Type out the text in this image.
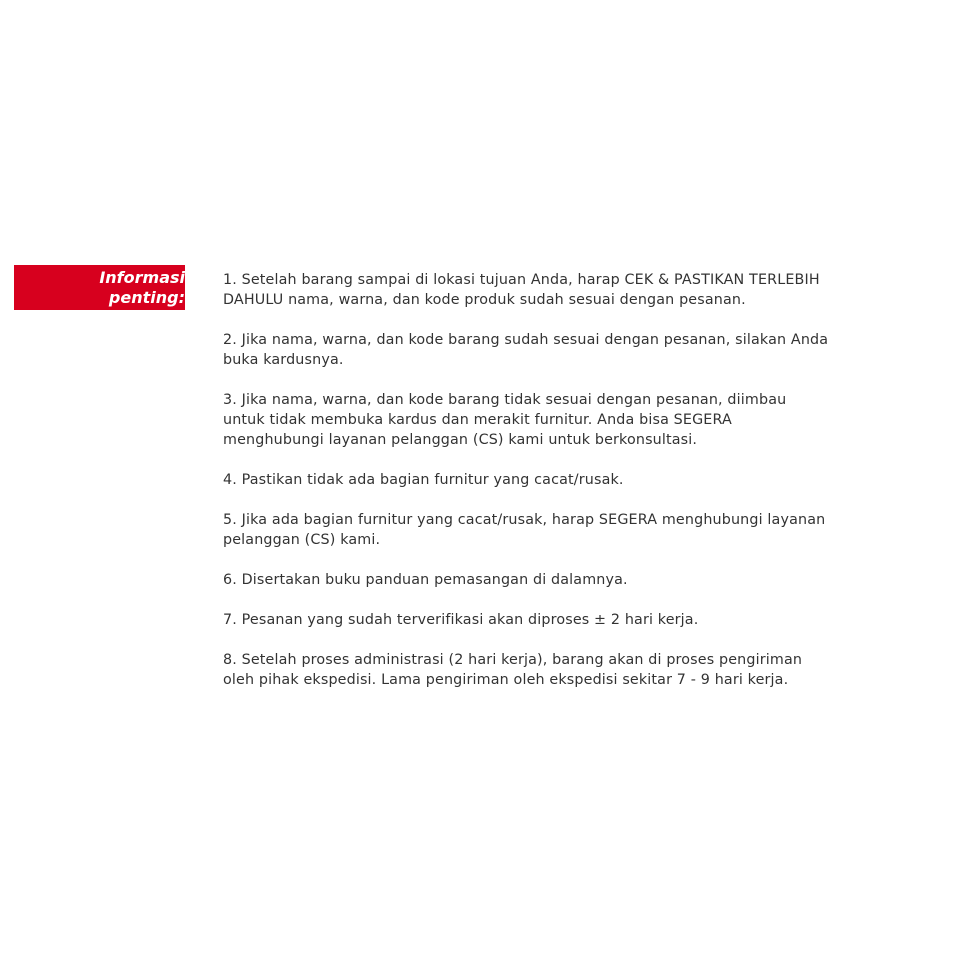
Informasi
penting:

1. Setelah barang sampai di lokasi tujuan Anda, harap CEK & PASTIKAN TERLEBIH
DAHULU nama, warna, dan kode produk sudah sesuai dengan pesanan.

2. Jika nama, warna, dan kode barang sudah sesuai dengan pesanan, silakan Anda
buka kardusnya.

3. Jika nama, warna, dan kode barang tidak sesuai dengan pesanan, diimbau
untuk tidak membuka kardus dan merakit furnitur. Anda bisa SEGERA
menghubungi layanan pelanggan (CS) kami untuk berkonsultasi.

4. Pastikan tidak ada bagian furnitur yang cacat/rusak.

5. Jika ada bagian furnitur yang cacat/rusak, harap SEGERA menghubungi layanan
pelanggan (CS) kami.

6. Disertakan buku panduan pemasangan di dalamnya.

7. Pesanan yang sudah terverifikasi akan diproses ± 2 hari kerja.

8. Setelah proses administrasi (2 hari kerja), barang akan di proses pengiriman
oleh pihak ekspedisi. Lama pengiriman oleh ekspedisi sekitar 7 - 9 hari kerja.
